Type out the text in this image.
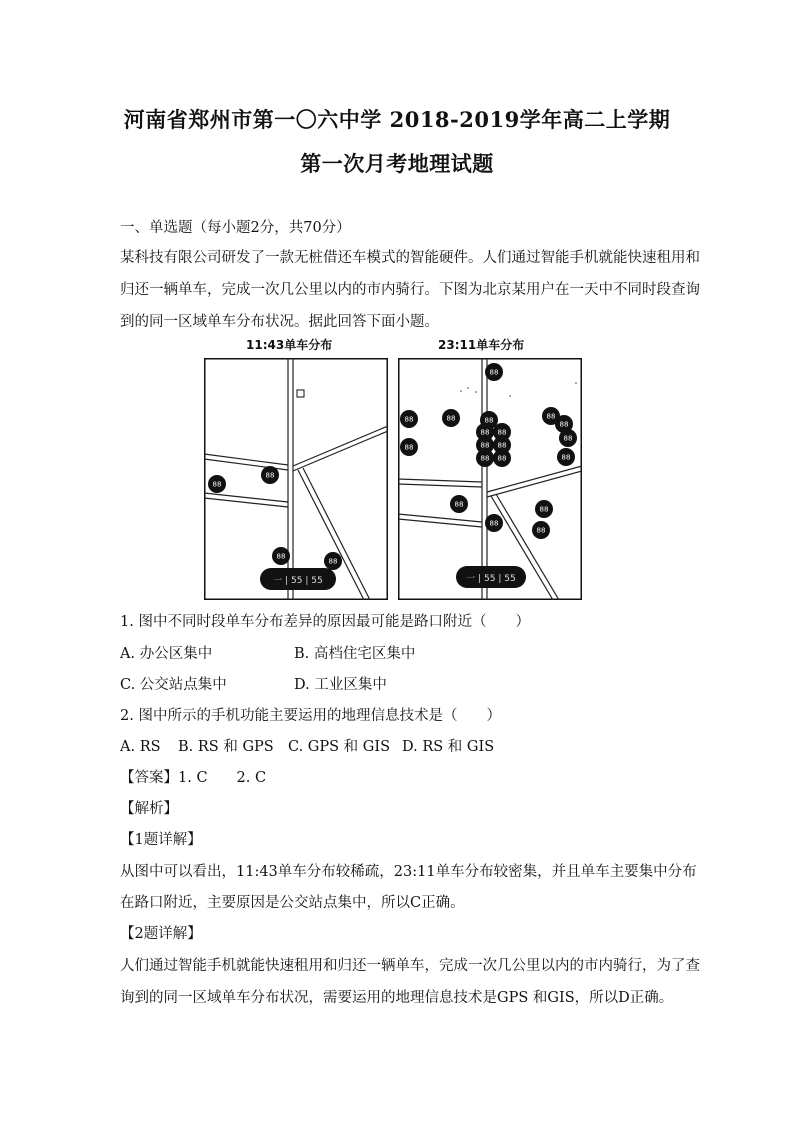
河南省郑州市第一〇六中学 2018-2019学年高二上学期
第一次月考地理试题
一、单选题（每小题2分，共70分）
某科技有限公司研发了一款无桩借还车模式的智能硬件。人们通过智能手机就能快速租用和
归还一辆单车，完成一次几公里以内的市内骑行。下图为北京某用户在一天中不同时段查询
到的同一区域单车分布状况。据此回答下面小题。
11:43单车分布	23:11单车分布
88
88
88
88
一 | 55 | 55
88
88	88	88
88
88 88
88
88
88
88 88
88 88	88
88
88
88
88
一 | 55 | 55
1. 图中不同时段单车分布差异的原因最可能是路口附近（　　）
A. 办公区集中	B. 高档住宅区集中
C. 公交站点集中	D. 工业区集中
2. 图中所示的手机功能主要运用的地理信息技术是（　　）
A. RS B. RS 和 GPS C. GPS 和 GIS D. RS 和 GIS
【答案】1. C　　2. C
【解析】
【1题详解】
从图中可以看出，11:43单车分布较稀疏，23:11单车分布较密集，并且单车主要集中分布
在路口附近，主要原因是公交站点集中，所以C正确。
【2题详解】
人们通过智能手机就能快速租用和归还一辆单车，完成一次几公里以内的市内骑行，为了查
询到的同一区域单车分布状况，需要运用的地理信息技术是GPS 和GIS，所以D正确。
